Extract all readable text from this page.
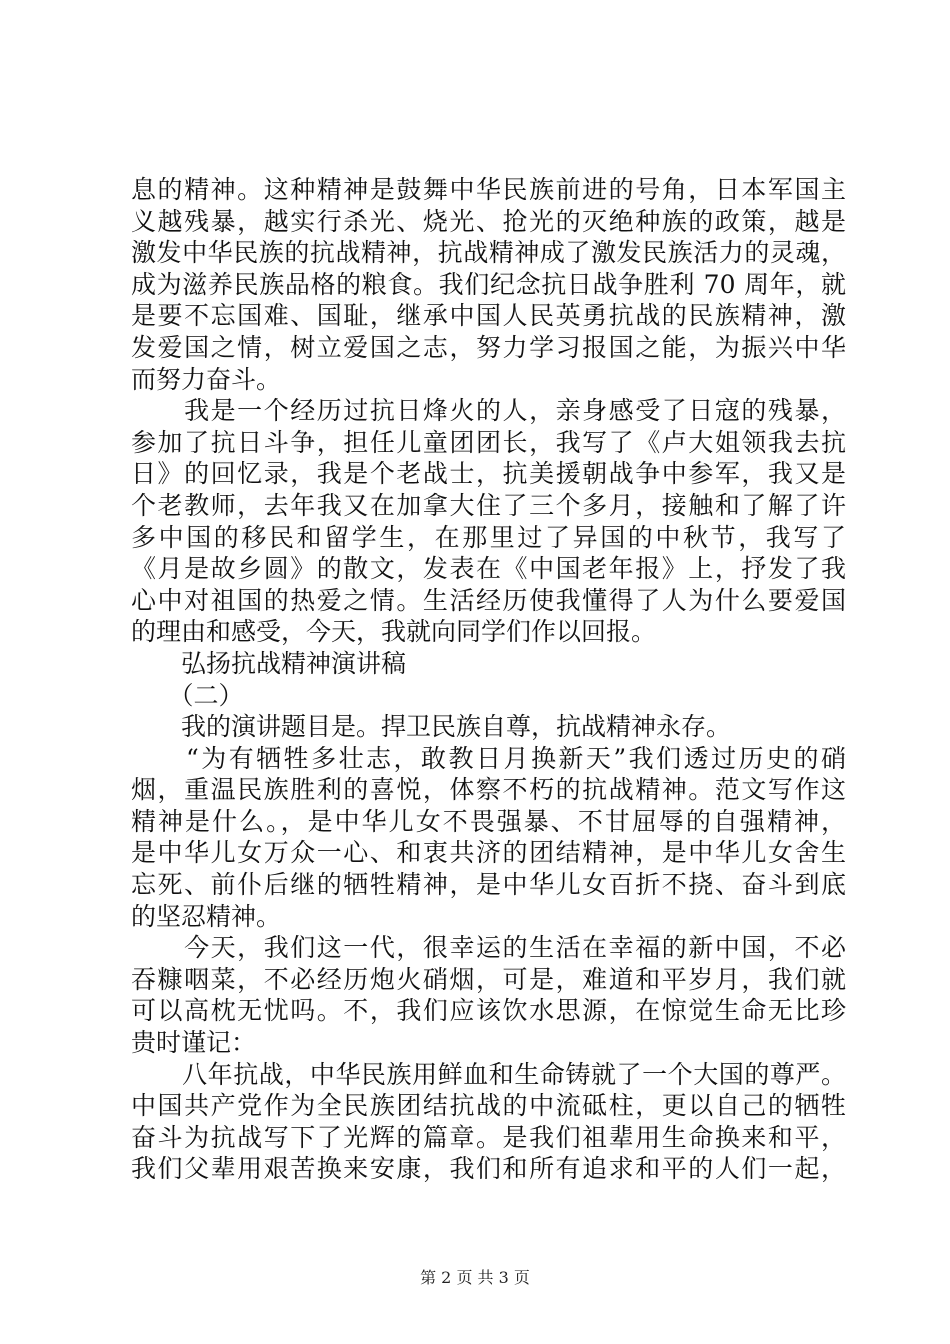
息的精神。这种精神是鼓舞中华民族前进的号角，日本军国主
义越残暴，越实行杀光、烧光、抢光的灭绝种族的政策，越是
激发中华民族的抗战精神，抗战精神成了激发民族活力的灵魂，
成为滋养民族品格的粮食。我们纪念抗日战争胜利 70 周年，就
是要不忘国难、国耻，继承中国人民英勇抗战的民族精神，激
发爱国之情，树立爱国之志，努力学习报国之能，为振兴中华
而努力奋斗。
　　我是一个经历过抗日烽火的人，亲身感受了日寇的残暴，
参加了抗日斗争，担任儿童团团长，我写了《卢大姐领我去抗
日》的回忆录，我是个老战士，抗美援朝战争中参军，我又是
个老教师，去年我又在加拿大住了三个多月，接触和了解了许
多中国的移民和留学生，在那里过了异国的中秋节，我写了
《月是故乡圆》的散文，发表在《中国老年报》上，抒发了我
心中对祖国的热爱之情。生活经历使我懂得了人为什么要爱国
的理由和感受，今天，我就向同学们作以回报。
　　弘扬抗战精神演讲稿
　　（二）
　　我的演讲题目是。捍卫民族自尊，抗战精神永存。
　　“为有牺牲多壮志，敢教日月换新天”我们透过历史的硝
烟，重温民族胜利的喜悦，体察不朽的抗战精神。范文写作这
精神是什么。，是中华儿女不畏强暴、不甘屈辱的自强精神，
是中华儿女万众一心、和衷共济的团结精神，是中华儿女舍生
忘死、前仆后继的牺牲精神，是中华儿女百折不挠、奋斗到底
的坚忍精神。
　　今天，我们这一代，很幸运的生活在幸福的新中国，不必
吞糠咽菜，不必经历炮火硝烟，可是，难道和平岁月，我们就
可以高枕无忧吗。不，我们应该饮水思源，在惊觉生命无比珍
贵时谨记：
　　八年抗战，中华民族用鲜血和生命铸就了一个大国的尊严。
中国共产党作为全民族团结抗战的中流砥柱，更以自己的牺牲
奋斗为抗战写下了光辉的篇章。是我们祖辈用生命换来和平，
我们父辈用艰苦换来安康，我们和所有追求和平的人们一起，
第 2 页 共 3 页
